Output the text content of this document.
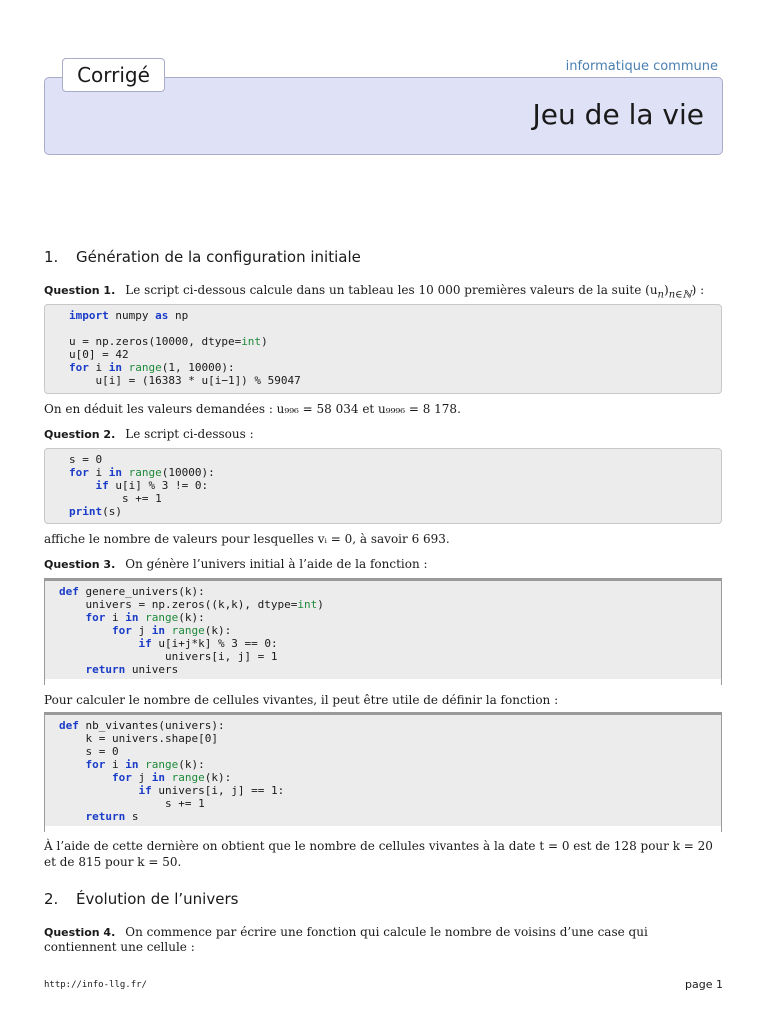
informatique commune
Jeu de la vie
Corrigé
1. Génération de la configuration initiale
Question 1. Le script ci-dessous calcule dans un tableau les 10 000 premières valeurs de la suite $(u_n)_{n\in ℕ}$) :
import numpy as np
u = np.zeros(10000, dtype=int)
u[0] = 42
for i in range(1, 10000):
u[i] = (16383 * u[i−1]) % 59047
On en déduit les valeurs demandées : u₉₉₆ = 58 034 et u₉₉₉₆ = 8 178.
Question 2. Le script ci-dessous :
s = 0
for i in range(10000):
if u[i] % 3 != 0:
s += 1
print(s)
affiche le nombre de valeurs pour lesquelles vᵢ = 0, à savoir 6 693.
Question 3. On génère l’univers initial à l’aide de la fonction :
def genere_univers(k):
univers = np.zeros((k,k), dtype=int)
for i in range(k):
for j in range(k):
if u[i+j*k] % 3 == 0:
univers[i, j] = 1
return univers
Pour calculer le nombre de cellules vivantes, il peut être utile de définir la fonction :
def nb_vivantes(univers):
k = univers.shape[0]
s = 0
for i in range(k):
for j in range(k):
if univers[i, j] == 1:
s += 1
return s
À l’aide de cette dernière on obtient que le nombre de cellules vivantes à la date t = 0 est de 128 pour k = 20 et de 815 pour k = 50.
2. Évolution de l’univers
Question 4. On commence par écrire une fonction qui calcule le nombre de voisins d’une case qui contiennent une cellule :
http://info-llg.fr/	page 1
